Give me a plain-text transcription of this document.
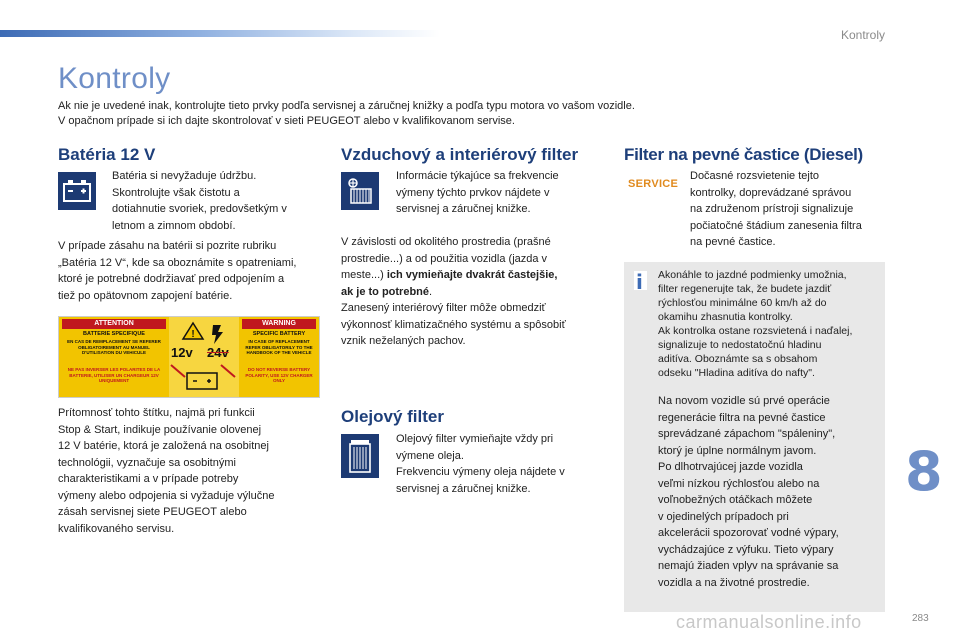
Kontroly
Kontroly
Ak nie je uvedené inak, kontrolujte tieto prvky podľa servisnej a záručnej knižky a podľa typu motora vo vašom vozidle.
V opačnom prípade si ich dajte skontrolovať v sieti PEUGEOT alebo v kvalifikovanom servise.
Batéria 12 V
Batéria si nevyžaduje údržbu.
Skontrolujte však čistotu a
dotiahnutie svoriek, predovšetkým v
letnom a zimnom období.
V prípade zásahu na batérii si pozrite rubriku
„Batéria 12 V“, kde sa oboznámite s opatreniami,
ktoré je potrebné dodržiavať pred odpojením a
tiež po opätovnom zapojení batérie.
ATTENTION
BATTERIE SPECIFIQUE
EN CAS DE REMPLACEMENT SE REFERER OBLIGATOIREMENT AU MANUEL D'UTILISATION DU VEHICULE
NE PAS INVERSER LES POLARITES DE LA BATTERIE, UTILISER UN CHARGEUR 12V UNIQUEMENT
!
12v 24v
WARNING
SPECIFIC BATTERY
IN CASE OF REPLACEMENT REFER OBLIGATORILY TO THE HANDBOOK OF THE VEHICLE
DO NOT REVERSE BATTERY POLARITY, USE 12V CHARGER ONLY
Prítomnosť tohto štítku, najmä pri funkcii
Stop & Start, indikuje používanie olovenej
12 V batérie, ktorá je založená na osobitnej
technológii, vyznačuje sa osobitnými
charakteristikami a v prípade potreby
výmeny alebo odpojenia si vyžaduje výlučne
zásah servisnej siete PEUGEOT alebo
kvalifikovaného servisu.
Vzduchový a interiérový filter
Informácie týkajúce sa frekvencie
výmeny týchto prvkov nájdete v
servisnej a záručnej knižke.
V závislosti od okolitého prostredia (prašné
prostredie...) a od použitia vozidla (jazda v
meste...) ich vymieňajte dvakrát častejšie,
ak je to potrebné.
Zanesený interiérový filter môže obmedziť
výkonnosť klimatizačného systému a spôsobiť
vznik neželaných pachov.
Olejový filter
Olejový filter vymieňajte vždy pri
výmene oleja.
Frekvenciu výmeny oleja nájdete v
servisnej a záručnej knižke.
Filter na pevné častice (Diesel)
SERVICE
Dočasné rozsvietenie tejto
kontrolky, doprevádzané správou
na združenom prístroji signalizuje
počiatočné štádium zanesenia filtra
na pevné častice.
i Akonáhle to jazdné podmienky umožnia,
filter regenerujte tak, že budete jazdiť
rýchlosťou minimálne 60 km/h až do
okamihu zhasnutia kontrolky.
Ak kontrolka ostane rozsvietená i naďalej,
signalizuje to nedostatočnú hladinu
aditíva. Oboznámte sa s obsahom
odseku "Hladina aditíva do nafty".
Na novom vozidle sú prvé operácie
regenerácie filtra na pevné častice
sprevádzané zápachom "spáleniny",
ktorý je úplne normálnym javom.
Po dlhotrvajúcej jazde vozidla
veľmi nízkou rýchlosťou alebo na
voľnobežných otáčkach môžete
v ojedinelých prípadoch pri
akcelerácii spozorovať vodné výpary,
vychádzajúce z výfuku. Tieto výpary
nemajú žiaden vplyv na správanie sa
vozidla a na životné prostredie.
8
carmanualsonline.info	283
